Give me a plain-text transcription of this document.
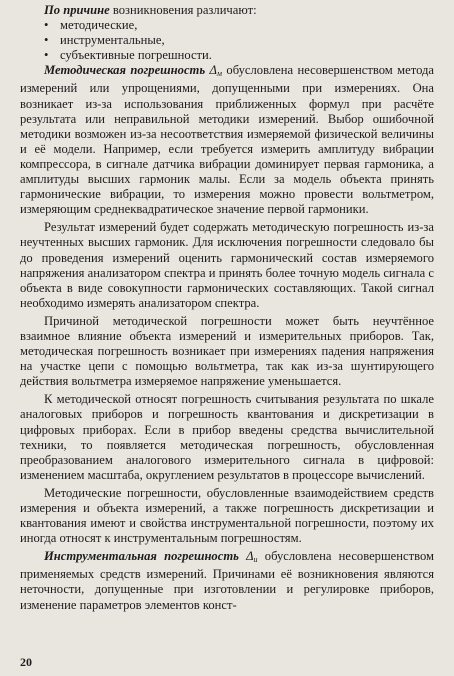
По причине возникновения различают:

• методические,
• инструментальные,
• субъективные погрешности.

Методическая погрешность $\Delta_м$ обусловлена несовершенством метода измерений или упрощениями, допущенными при измерениях. Она возникает из-за использования приближенных формул при расчёте результата или неправильной методики измерений. Выбор ошибочной методики возможен из-за несоответствия измеряемой физической величины и её модели. Например, если требуется измерить амплитуду вибрации компрессора, в сигнале датчика вибрации доминирует первая гармоника, а амплитуды высших гармоник малы. Если за модель объекта принять гармонические вибрации, то измерения можно провести вольтметром, измеряющим среднеквадратическое значение первой гармоники.

Результат измерений будет содержать методическую погрешность из-за неучтенных высших гармоник. Для исключения погрешности следовало бы до проведения измерений оценить гармонический состав измеряемого напряжения анализатором спектра и принять более точную модель сигнала с объекта в виде совокупности гармонических составляющих. Такой сигнал необходимо измерять анализатором спектра.

Причиной методической погрешности может быть неучтённое взаимное влияние объекта измерений и измерительных приборов. Так, методическая погрешность возникает при измерениях падения напряжения на участке цепи с помощью вольтметра, так как из-за шунтирующего действия вольтметра измеряемое напряжение уменьшается.

К методической относят погрешность считывания результата по шкале аналоговых приборов и погрешность квантования и дискретизации в цифровых приборах. Если в прибор введены средства вычислительной техники, то появляется методическая погрешность, обусловленная преобразованием аналогового измерительного сигнала в цифровой: изменением масштаба, округлением результатов в процессоре вычислений.

Методические погрешности, обусловленные взаимодействием средств измерения и объекта измерений, а также погрешность дискретизации и квантования имеют и свойства инструментальной погрешности, поэтому их иногда относят к инструментальным погрешностям.

Инструментальная погрешность $\Delta_и$ обусловлена несовершенством применяемых средств измерений. Причинами её возникновения являются неточности, допущенные при изготовлении и регулировке приборов, изменение параметров элементов конст-

20
